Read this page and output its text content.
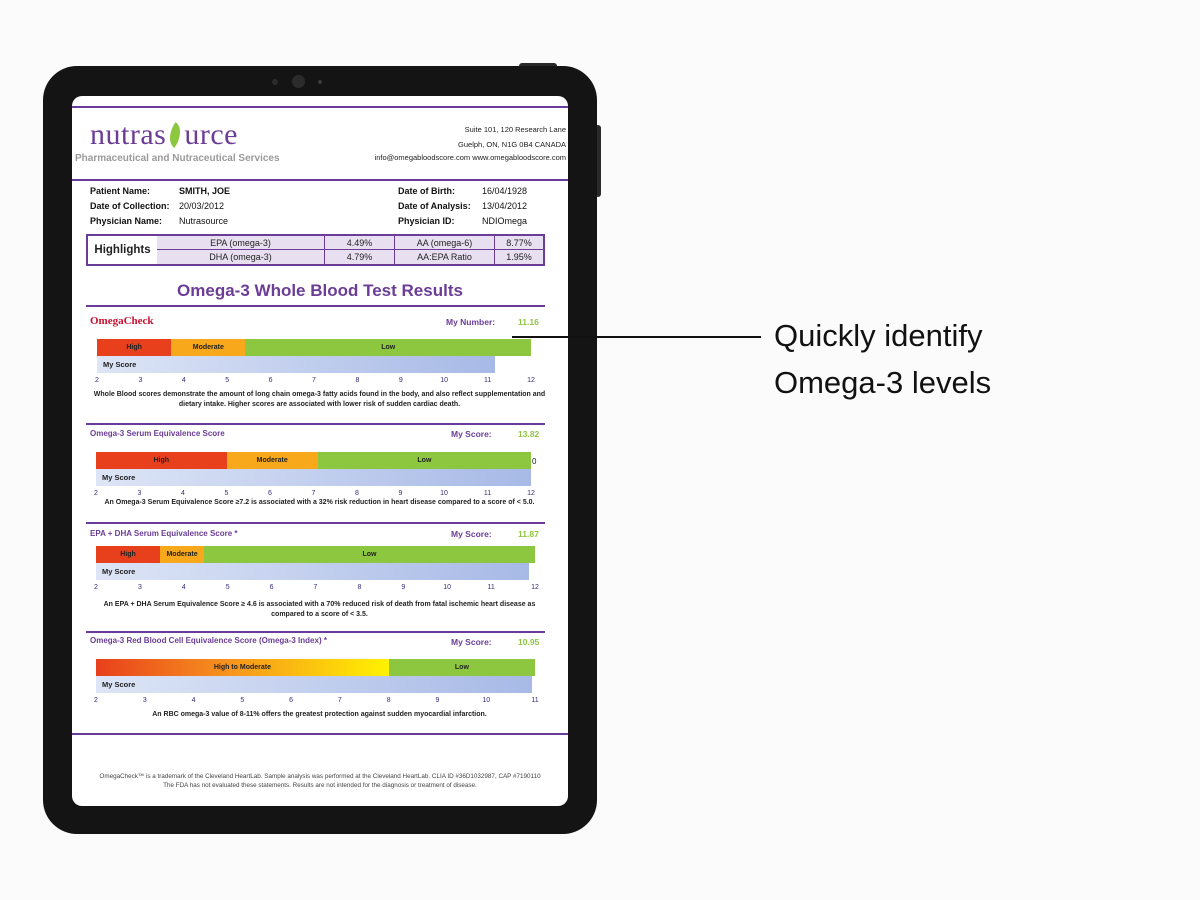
nutras urce
Pharmaceutical and Nutraceutical Services
Suite 101, 120 Research Lane
Guelph, ON, N1G 0B4 CANADA
info@omegabloodscore.com www.omegabloodscore.com
Patient Name:	SMITH, JOE
Date of Collection: 20/03/2012
Physician Name: Nutrasource
Date of Birth:	16/04/1928
Date of Analysis: 13/04/2012
Physician ID:	NDIOmega
Highlights
EPA (omega-3)	4.49%	AA (omega-6)	8.77%
DHA (omega-3)	4.79%	AA:EPA Ratio	1.95%
Omega-3 Whole Blood Test Results
OmegaCheck	My Number:	11.16
High	Moderate	Low
My Score
2	3	4	5	6	7	8	9	10	11	12
Whole Blood scores demonstrate the amount of long chain omega-3 fatty acids found in the body, and also reflect supplementation and dietary intake. Higher scores are associated with lower risk of sudden cardiac death.
Omega-3 Serum Equivalence Score	My Score:	13.82
High	Moderate	Low
My Score
2	3	4	5	6	7	8	9	10	11	12
0
An Omega-3 Serum Equivalence Score ≥7.2 is associated with a 32% risk reduction in heart disease compared to a score of < 5.0.
EPA + DHA Serum Equivalence Score *	My Score:	11.87
High	Moderate	Low
My Score
2	3	4	5	6	7	8	9	10	11	12
An EPA + DHA Serum Equivalence Score ≥ 4.6 is associated with a 70% reduced risk of death from fatal ischemic heart disease as compared to a score of < 3.5.
Omega-3 Red Blood Cell Equivalence Score (Omega-3 Index) *	My Score:	10.95
High to Moderate	Low
My Score
2	3	4	5	6	7	8	9	10	11
An RBC omega-3 value of 8-11% offers the greatest protection against sudden myocardial infarction.
OmegaCheck™ is a trademark of the Cleveland HeartLab. Sample analysis was performed at the Cleveland HeartLab. CLIA ID #36D1032987, CAP #7190110
The FDA has not evaluated these statements. Results are not intended for the diagnosis or treatment of disease.
Quickly identify
Omega-3 levels
